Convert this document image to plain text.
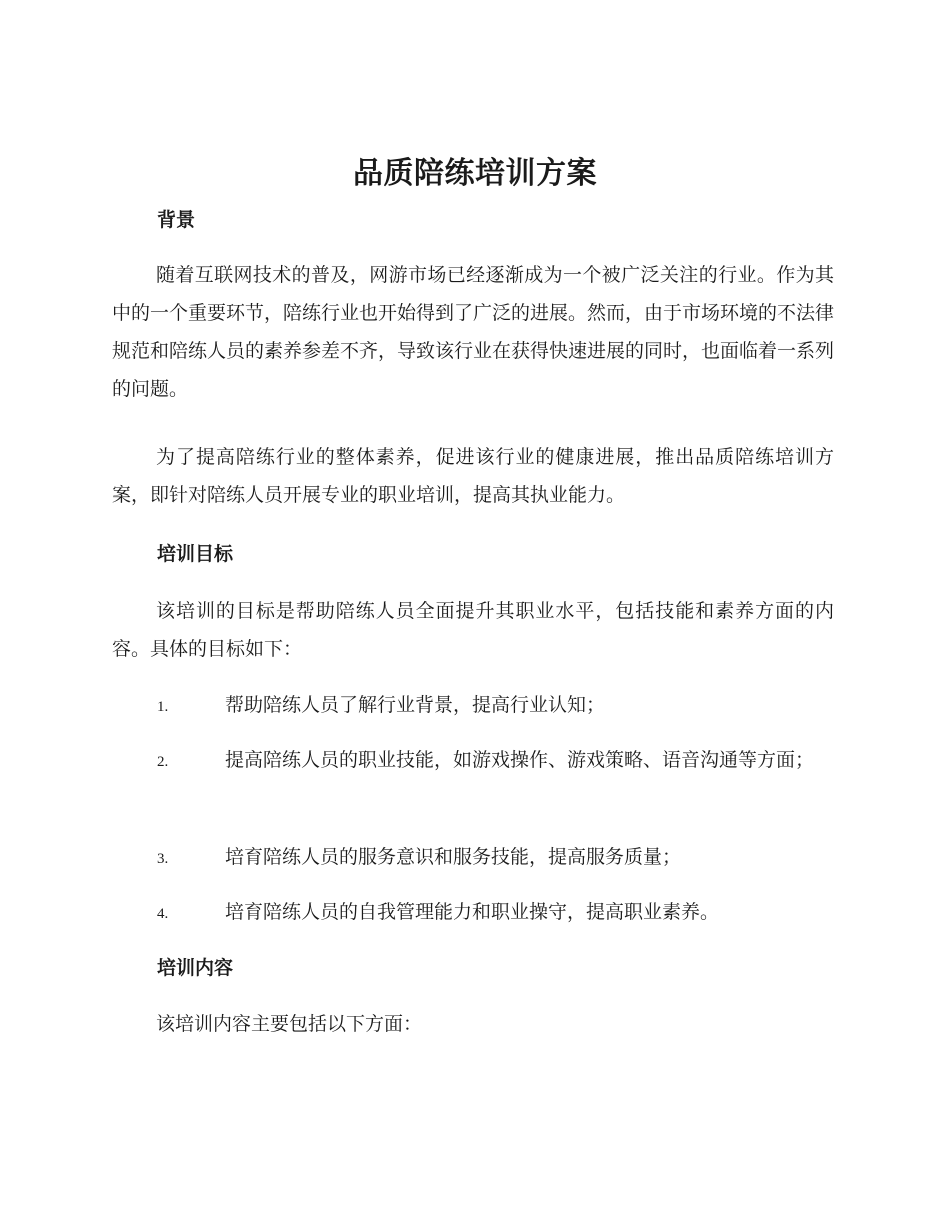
品质陪练培训方案
背景

随着互联网技术的普及，网游市场已经逐渐成为一个被广泛关注的行业。作为其中的一个重要环节，陪练行业也开始得到了广泛的进展。然而，由于市场环境的不法律规范和陪练人员的素养参差不齐，导致该行业在获得快速进展的同时，也面临着一系列的问题。

为了提高陪练行业的整体素养，促进该行业的健康进展，推出品质陪练培训方案，即针对陪练人员开展专业的职业培训，提高其执业能力。

培训目标

该培训的目标是帮助陪练人员全面提升其职业水平，包括技能和素养方面的内容。具体的目标如下：

1.	帮助陪练人员了解行业背景，提高行业认知；
2.	提高陪练人员的职业技能，如游戏操作、游戏策略、语音沟通等方面；
3.	培育陪练人员的服务意识和服务技能，提高服务质量；
4.	培育陪练人员的自我管理能力和职业操守，提高职业素养。
培训内容

该培训内容主要包括以下方面：
